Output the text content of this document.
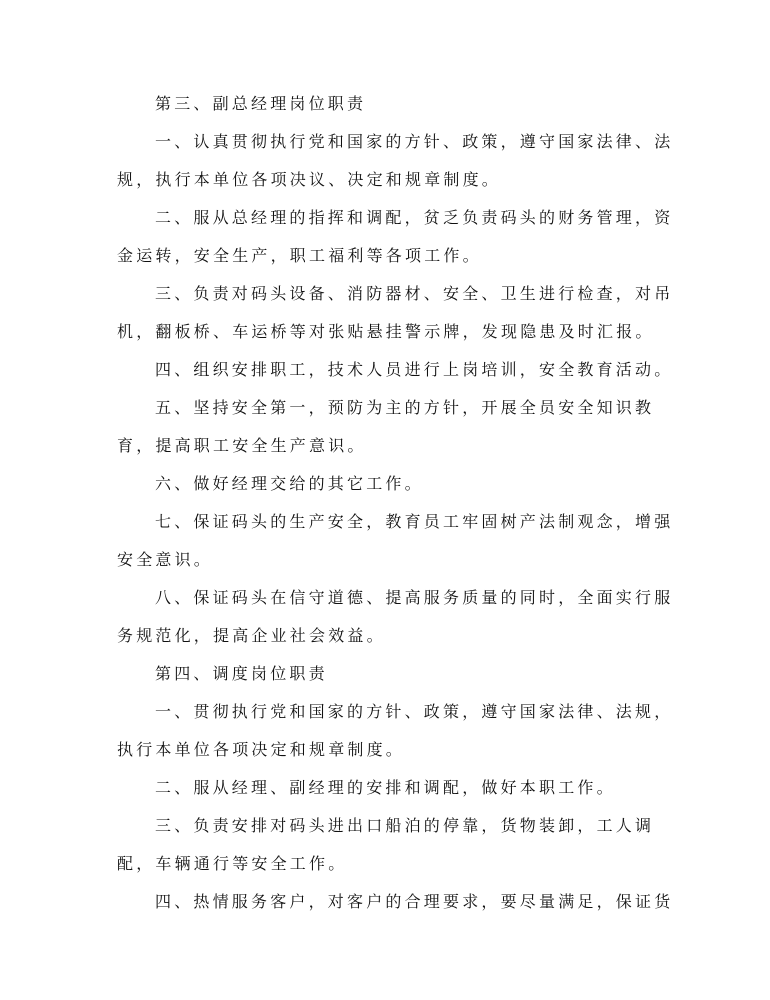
第三、副总经理岗位职责
一、认真贯彻执行党和国家的方针、政策，遵守国家法律、法
规，执行本单位各项决议、决定和规章制度。
二、服从总经理的指挥和调配，贫乏负责码头的财务管理，资
金运转，安全生产，职工福利等各项工作。
三、负责对码头设备、消防器材、安全、卫生进行检查，对吊
机，翻板桥、车运桥等对张贴悬挂警示牌，发现隐患及时汇报。
四、组织安排职工，技术人员进行上岗培训，安全教育活动。
五、坚持安全第一，预防为主的方针，开展全员安全知识教
育，提高职工安全生产意识。
六、做好经理交给的其它工作。
七、保证码头的生产安全，教育员工牢固树产法制观念，增强
安全意识。
八、保证码头在信守道德、提高服务质量的同时，全面实行服
务规范化，提高企业社会效益。
第四、调度岗位职责
一、贯彻执行党和国家的方针、政策，遵守国家法律、法规，
执行本单位各项决定和规章制度。
二、服从经理、副经理的安排和调配，做好本职工作。
三、负责安排对码头进出口船泊的停靠，货物装卸，工人调
配，车辆通行等安全工作。
四、热情服务客户，对客户的合理要求，要尽量满足，保证货
